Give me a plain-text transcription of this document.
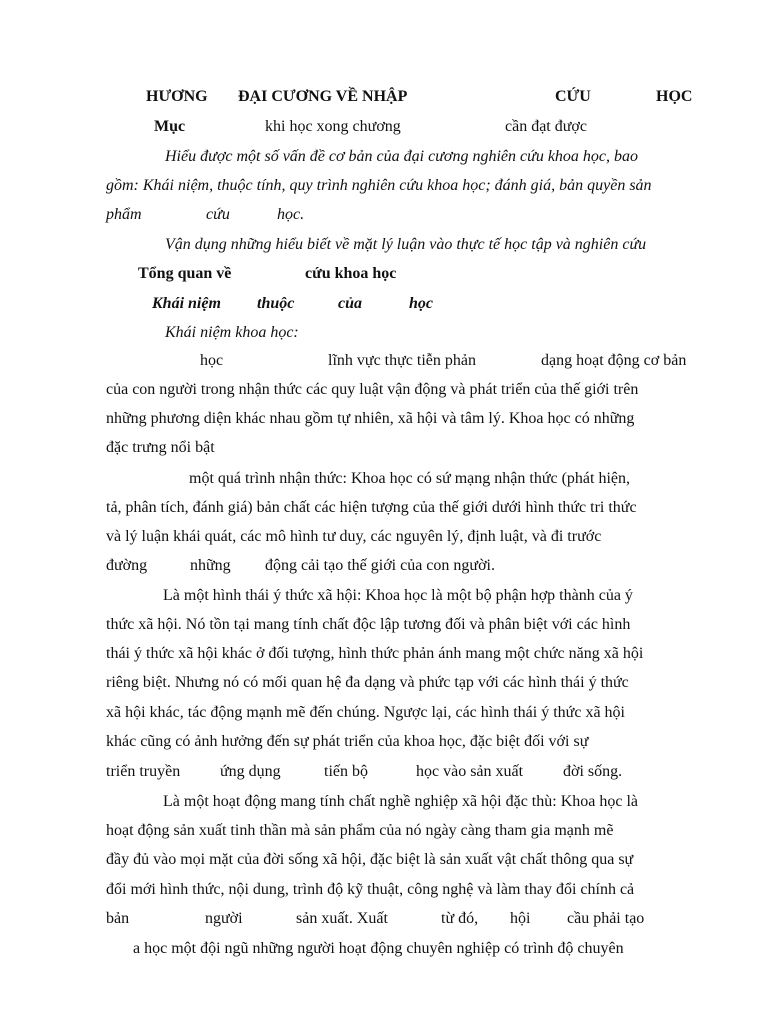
HƯƠNG ĐẠI CƯƠNG VỀ NHẬP	CỨU	HỌC
Mục	khi học xong chương	cần đạt được
Hiểu được một số vấn đề cơ bản của đại cương nghiên cứu khoa học, bao
gồm: Khái niệm, thuộc tính, quy trình nghiên cứu khoa học; đánh giá, bản quyền sản
phẩm	cứu	học.
Vận dụng những hiểu biết về mặt lý luận vào thực tế học tập và nghiên cứu
Tổng quan về	cứu khoa học
Khái niệm thuộc	của	học
Khái niệm khoa học:
học	lĩnh vực thực tiễn phản	dạng hoạt động cơ bản
của con người trong nhận thức các quy luật vận động và phát triển của thế giới trên
những phương diện khác nhau gồm tự nhiên, xã hội và tâm lý. Khoa học có những
đặc trưng nổi bật
một quá trình nhận thức: Khoa học có sứ mạng nhận thức (phát hiện,
tả, phân tích, đánh giá) bản chất các hiện tượng của thế giới dưới hình thức tri thức
và lý luận khái quát, các mô hình tư duy, các nguyên lý, định luật, và đi trước
đường	những động cải tạo thế giới của con người.
Là một hình thái ý thức xã hội: Khoa học là một bộ phận hợp thành của ý
thức xã hội. Nó tồn tại mang tính chất độc lập tương đối và phân biệt với các hình
thái ý thức xã hội khác ở đối tượng, hình thức phản ánh mang một chức năng xã hội
riêng biệt. Nhưng nó có mối quan hệ đa dạng và phức tạp với các hình thái ý thức
xã hội khác, tác động mạnh mẽ đến chúng. Ngược lại, các hình thái ý thức xã hội
khác cũng có ảnh hưởng đến sự phát triển của khoa học, đặc biệt đối với sự
triển truyền ứng dụng	tiến bộ	học vào sản xuất đời sống.
Là một hoạt động mang tính chất nghề nghiệp xã hội đặc thù: Khoa học là
hoạt động sản xuất tinh thần mà sản phẩm của nó ngày càng tham gia mạnh mẽ
đầy đủ vào mọi mặt của đời sống xã hội, đặc biệt là sản xuất vật chất thông qua sự
đổi mới hình thức, nội dung, trình độ kỹ thuật, công nghệ và làm thay đổi chính cả
bản	người	sản xuất. Xuất	từ đó, hội cầu phải tạo
a học một đội ngũ những người hoạt động chuyên nghiệp có trình độ chuyên
